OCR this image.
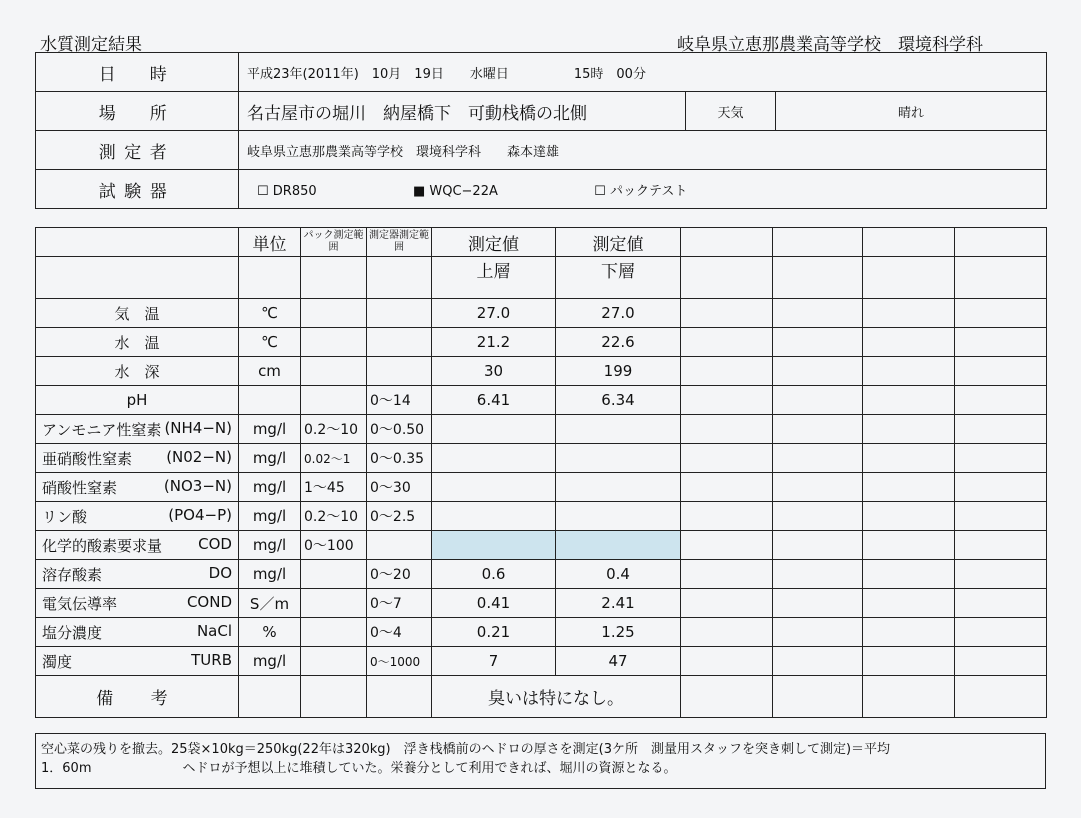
水質測定結果	岐阜県立恵那農業高等学校　環境科学科
日　時	平成23年(2011年)　10月　19日　　水曜日　　　　　15時　00分		
場　所	名古屋市の堀川　納屋橋下　可動栈橋の北側	天気	晴れ
測定者	岐阜県立恵那農業高等学校　環境科学科　　森本達雄		
試験器	☐ DR850 ■ WQC−22A ☐ パックテスト		
	単位	パック測定範囲	測定器測定範囲	測定値	測定値				
				上層	下層				
気　温	℃			27.0	27.0				
水　温	℃			21.2	22.6				
水　深	cm			30	199				
pH			0〜14	6.41	6.34				
アンモニア性窒素 (NH4−N)	mg/l	0.2〜10	0〜0.50						
亜硝酸性窒素 (N02−N)	mg/l	0.02〜1	0〜0.35						
硝酸性窒素 (NO3−N)	mg/l	1〜45	0〜30						
リン酸 (PO4−P)	mg/l	0.2〜10	0〜2.5						
化学的酸素要求量 COD	mg/l	0〜100							
溶存酸素 DO	mg/l		0〜20	0.6	0.4				
電気伝導率 COND	S／m		0〜7	0.41	2.41				
塩分濃度 NaCl	%		0〜4	0.21	1.25				
濁度 TURB	mg/l		0〜1000	7	47				
備　考				臭いは特になし。					
空心菜の残りを撤去。25袋×10kg＝250kg(22年は320kg)　浮き栈橋前のヘドロの厚さを測定(3ケ所　測量用スタッフを突き刺して測定)＝平均
1．60m　　　　　　　ヘドロが予想以上に堆積していた。栄養分として利用できれば、堀川の資源となる。
